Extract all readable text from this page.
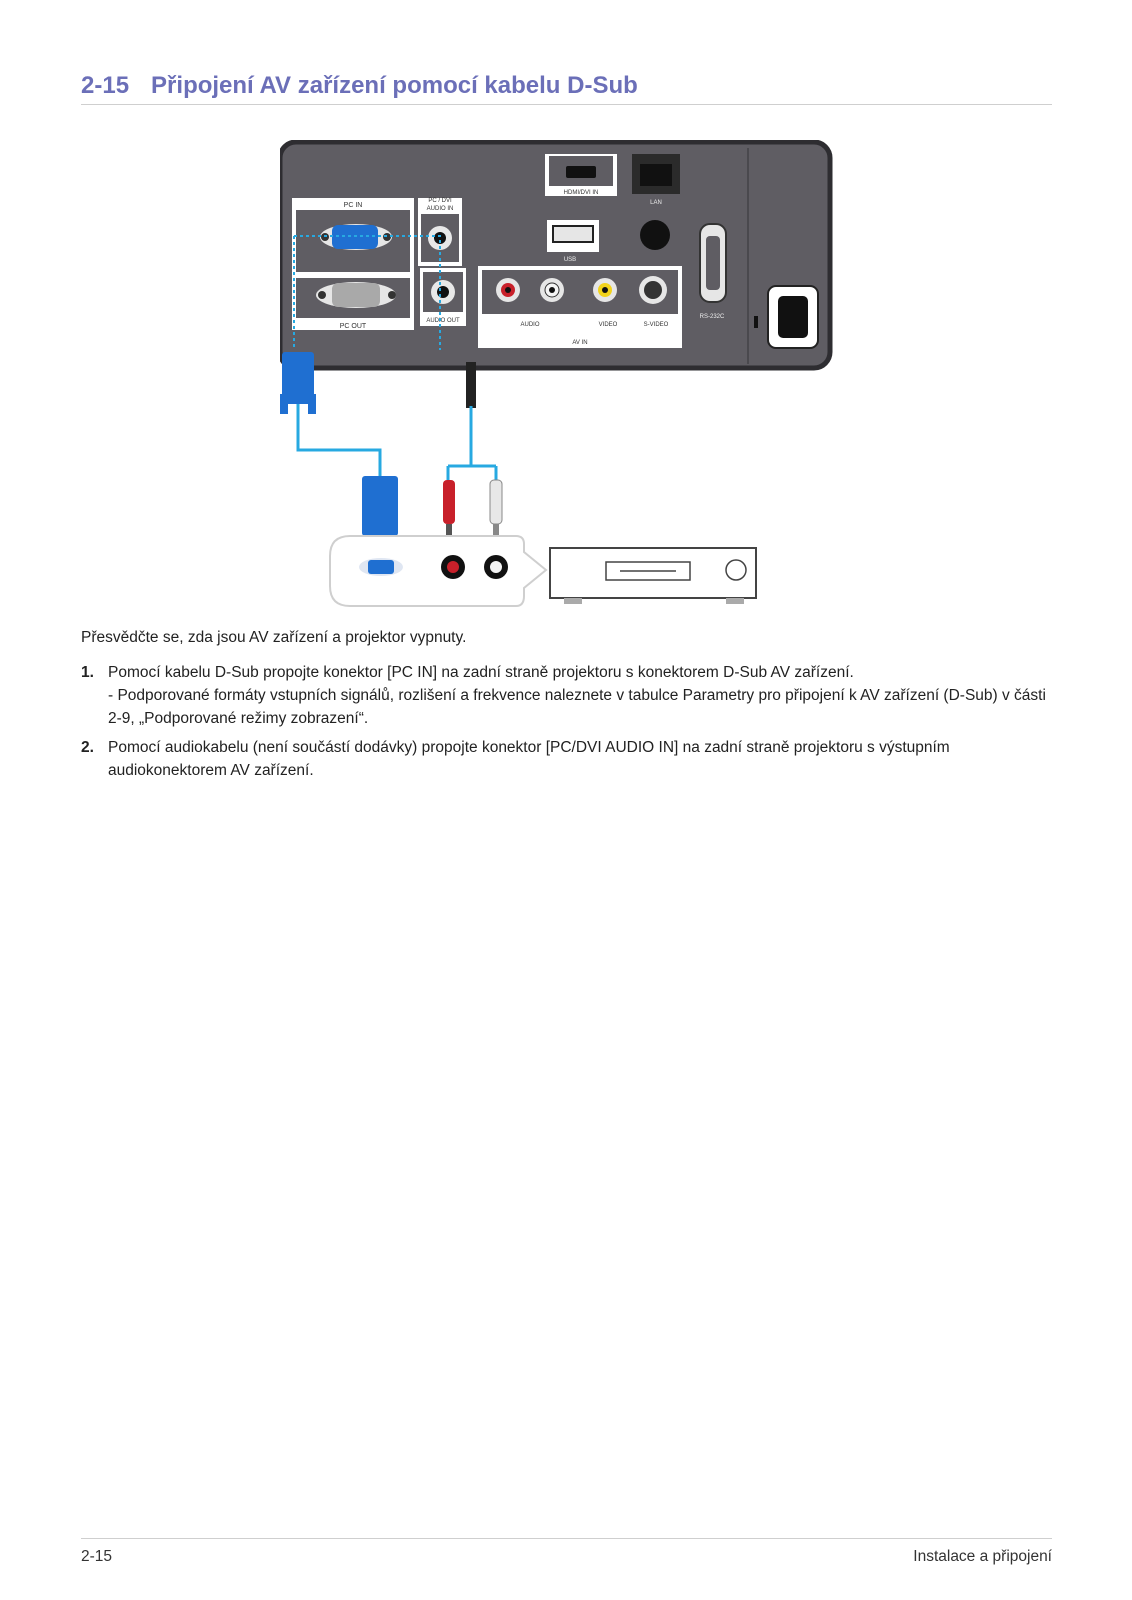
2-15 Připojení AV zařízení pomocí kabelu D-Sub
PC IN
PC OUT
PC / DVI
AUDIO IN
AUDIO OUT
HDMI/DVI IN
LAN
USB
RS-232C
AUDIO	VIDEO	S-VIDEO
AV IN
Přesvědčte se, zda jsou AV zařízení a projektor vypnuty.
1. Pomocí kabelu D-Sub propojte konektor [PC IN] na zadní straně projektoru s konektorem D-Sub AV zařízení.
- Podporované formáty vstupních signálů, rozlišení a frekvence naleznete v tabulce Parametry pro připojení k AV zařízení (D-Sub) v části 2-9, „Podporované režimy zobrazení“.
2. Pomocí audiokabelu (není součástí dodávky) propojte konektor [PC/DVI AUDIO IN] na zadní straně projektoru s výstupním audiokonektorem AV zařízení.
2-15	Instalace a připojení
